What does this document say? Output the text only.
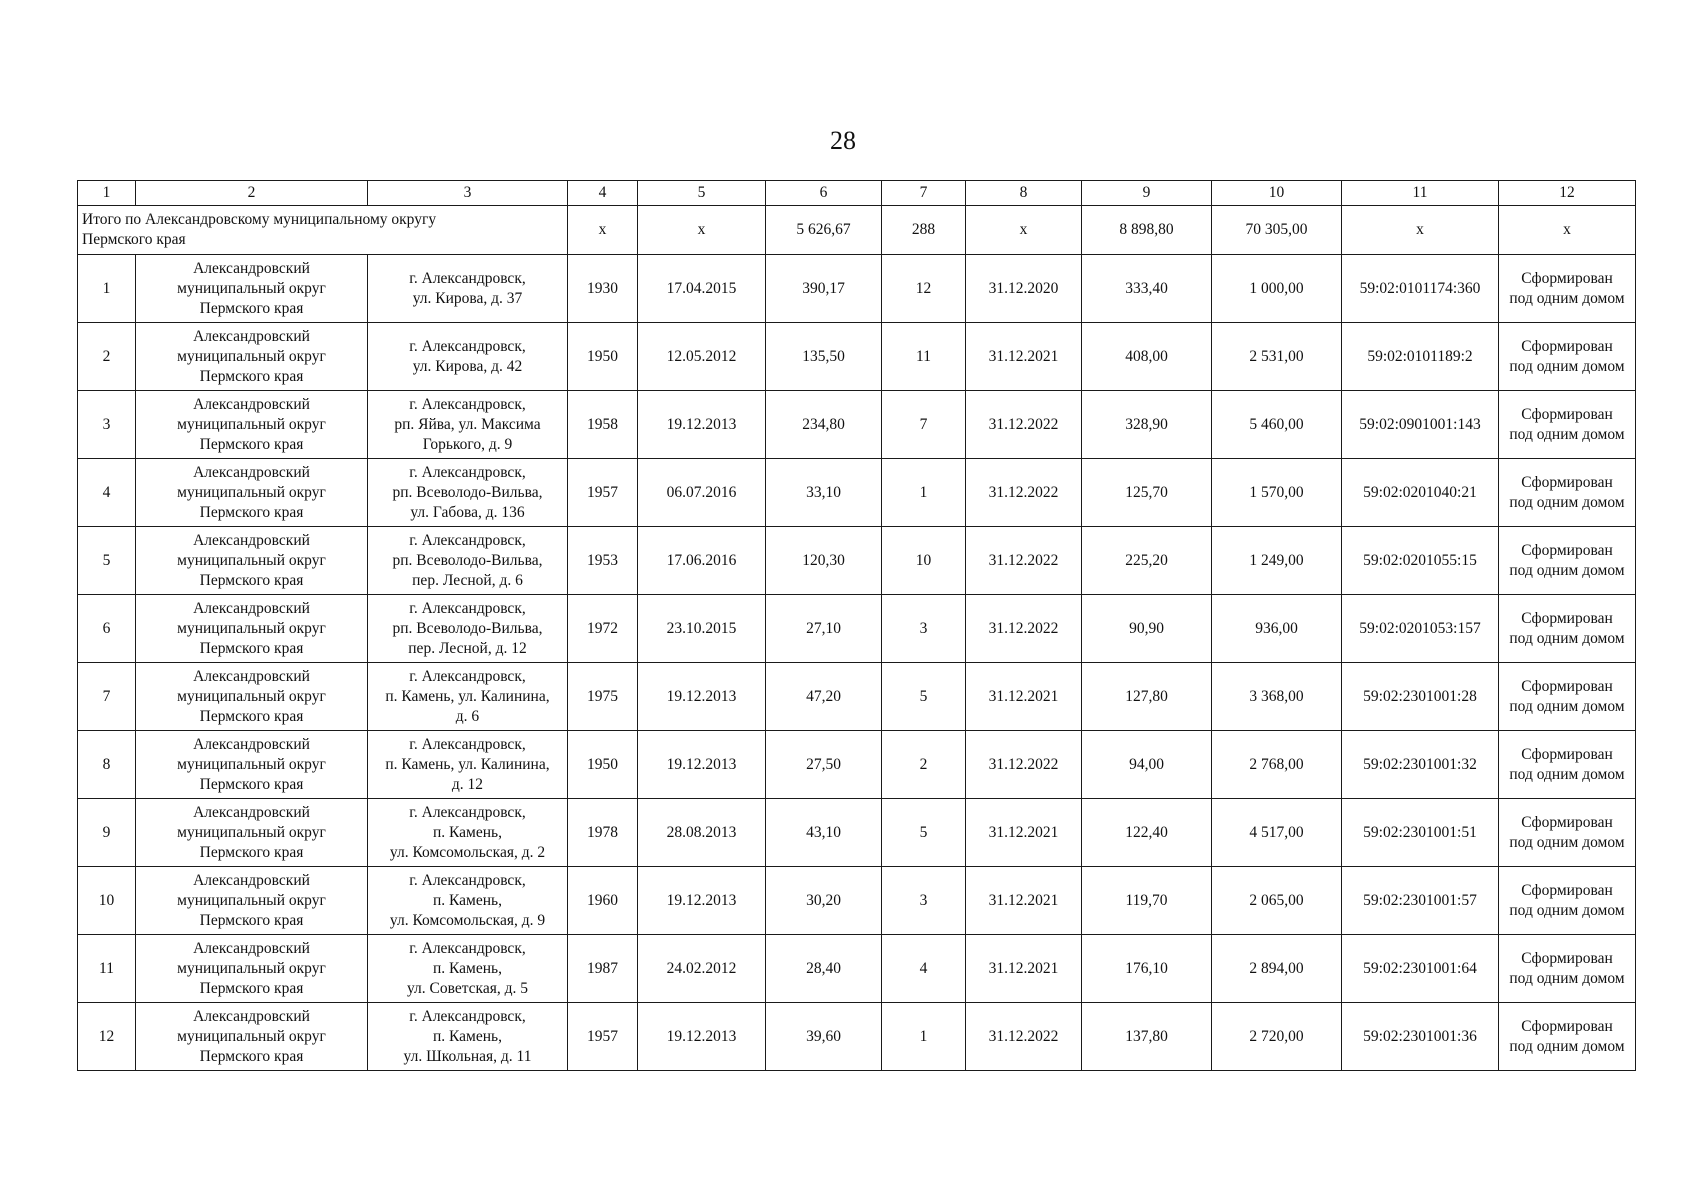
28
1	2	3	4	5	6	7	8	9	10	11	12

Итого по Александровскому муниципальному округу
Пермского края			x	x	5 626,67	288	x	8 898,80	70 305,00	x	x
1	Александровский
муниципальный округ
Пермского края	г. Александровск,
ул. Кирова, д. 37	1930	17.04.2015	390,17	12	31.12.2020	333,40	1 000,00	59:02:0101174:360	Сформирован
под одним домом

2	Александровский
муниципальный округ
Пермского края	г. Александровск,
ул. Кирова, д. 42	1950	12.05.2012	135,50	11	31.12.2021	408,00	2 531,00	59:02:0101189:2	Сформирован
под одним домом

3	Александровский
муниципальный округ
Пермского края	г. Александровск,
рп. Яйва, ул. Максима
Горького, д. 9	1958	19.12.2013	234,80	7	31.12.2022	328,90	5 460,00	59:02:0901001:143	Сформирован
под одним домом

4	Александровский
муниципальный округ
Пермского края	г. Александровск,
рп. Всеволодо-Вильва,
ул. Габова, д. 136	1957	06.07.2016	33,10	1	31.12.2022	125,70	1 570,00	59:02:0201040:21	Сформирован
под одним домом

5	Александровский
муниципальный округ
Пермского края	г. Александровск,
рп. Всеволодо-Вильва,
пер. Лесной, д. 6	1953	17.06.2016	120,30	10	31.12.2022	225,20	1 249,00	59:02:0201055:15	Сформирован
под одним домом

6	Александровский
муниципальный округ
Пермского края	г. Александровск,
рп. Всеволодо-Вильва,
пер. Лесной, д. 12	1972	23.10.2015	27,10	3	31.12.2022	90,90	936,00	59:02:0201053:157	Сформирован
под одним домом

7	Александровский
муниципальный округ
Пермского края	г. Александровск,
п. Камень, ул. Калинина,
д. 6	1975	19.12.2013	47,20	5	31.12.2021	127,80	3 368,00	59:02:2301001:28	Сформирован
под одним домом

8	Александровский
муниципальный округ
Пермского края	г. Александровск,
п. Камень, ул. Калинина,
д. 12	1950	19.12.2013	27,50	2	31.12.2022	94,00	2 768,00	59:02:2301001:32	Сформирован
под одним домом

9	Александровский
муниципальный округ
Пермского края	г. Александровск,
п. Камень,
ул. Комсомольская, д. 2	1978	28.08.2013	43,10	5	31.12.2021	122,40	4 517,00	59:02:2301001:51	Сформирован
под одним домом

10	Александровский
муниципальный округ
Пермского края	г. Александровск,
п. Камень,
ул. Комсомольская, д. 9	1960	19.12.2013	30,20	3	31.12.2021	119,70	2 065,00	59:02:2301001:57	Сформирован
под одним домом

11	Александровский
муниципальный округ
Пермского края	г. Александровск,
п. Камень,
ул. Советская, д. 5	1987	24.02.2012	28,40	4	31.12.2021	176,10	2 894,00	59:02:2301001:64	Сформирован
под одним домом

12	Александровский
муниципальный округ
Пермского края	г. Александровск,
п. Камень,
ул. Школьная, д. 11	1957	19.12.2013	39,60	1	31.12.2022	137,80	2 720,00	59:02:2301001:36	Сформирован
под одним домом
